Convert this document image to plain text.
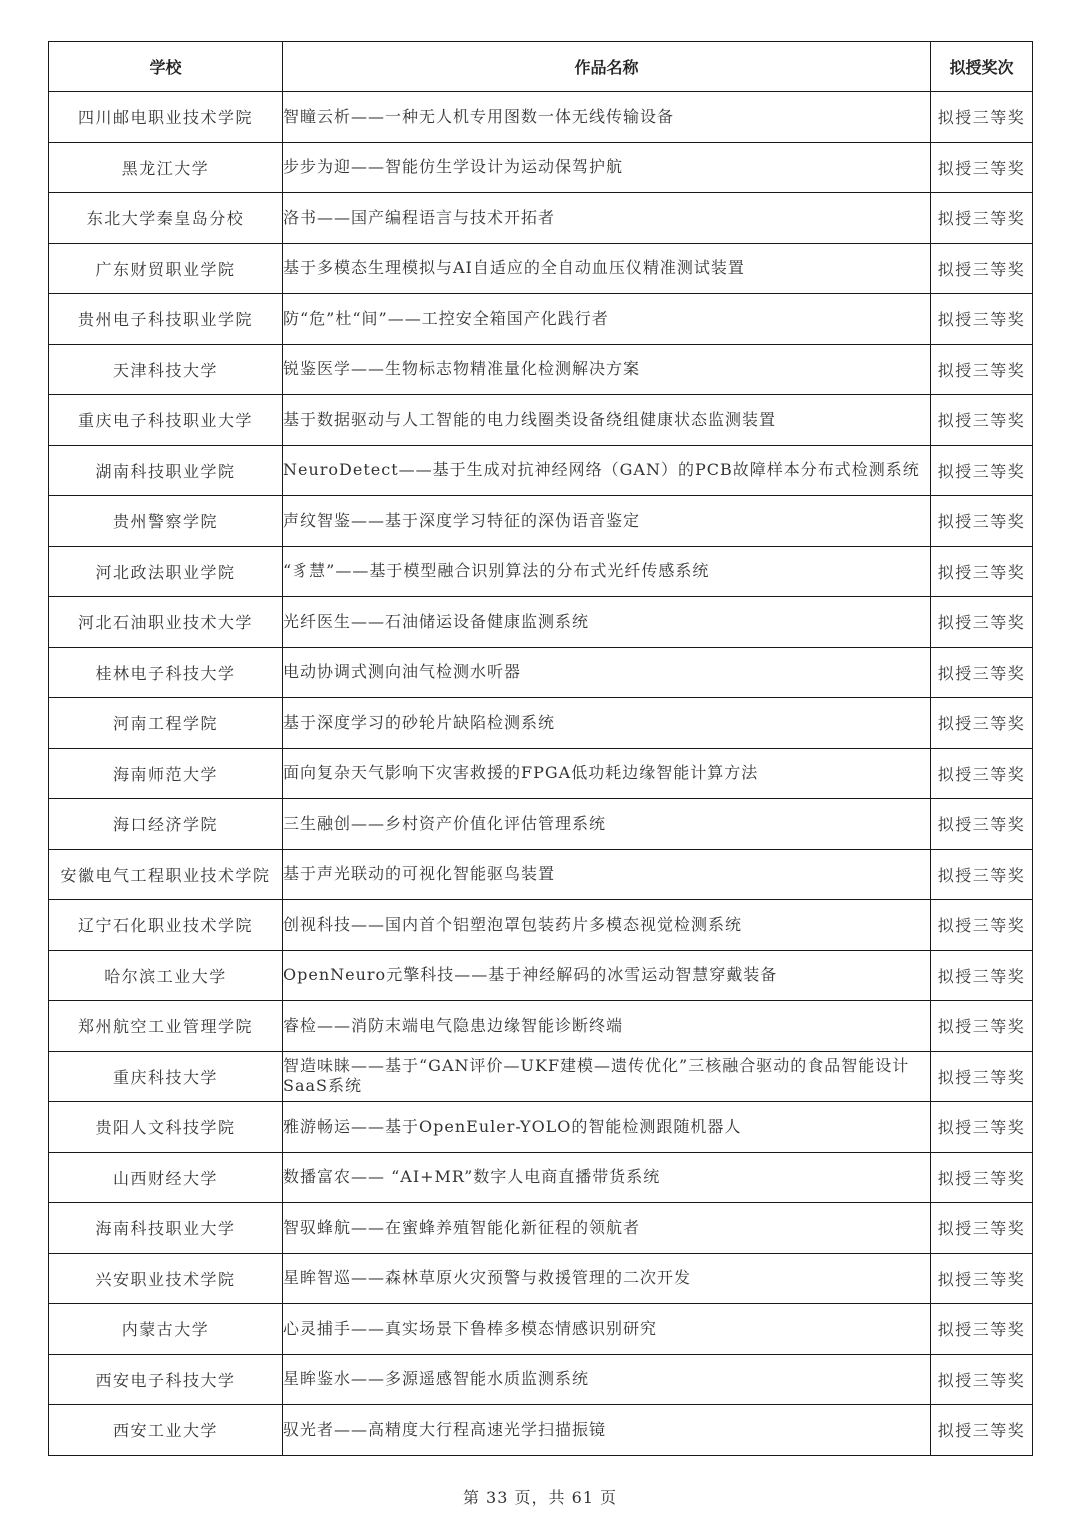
学校	作品名称	拟授奖次
四川邮电职业技术学院	智瞳云析——一种无人机专用图数一体无线传输设备	拟授三等奖
黑龙江大学	步步为迎——智能仿生学设计为运动保驾护航	拟授三等奖
东北大学秦皇岛分校	洛书——国产编程语言与技术开拓者	拟授三等奖
广东财贸职业学院	基于多模态生理模拟与AI自适应的全自动血压仪精准测试装置	拟授三等奖
贵州电子科技职业学院	防“危”杜“间”——工控安全箱国产化践行者	拟授三等奖
天津科技大学	锐鉴医学——生物标志物精准量化检测解决方案	拟授三等奖
重庆电子科技职业大学	基于数据驱动与人工智能的电力线圈类设备绕组健康状态监测装置	拟授三等奖
湖南科技职业学院	NeuroDetect——基于生成对抗神经网络（GAN）的PCB故障样本分布式检测系统	拟授三等奖
贵州警察学院	声纹智鉴——基于深度学习特征的深伪语音鉴定	拟授三等奖
河北政法职业学院	“豸慧”——基于模型融合识别算法的分布式光纤传感系统	拟授三等奖
河北石油职业技术大学	光纤医生——石油储运设备健康监测系统	拟授三等奖
桂林电子科技大学	电动协调式测向油气检测水听器	拟授三等奖
河南工程学院	基于深度学习的砂轮片缺陷检测系统	拟授三等奖
海南师范大学	面向复杂天气影响下灾害救援的FPGA低功耗边缘智能计算方法	拟授三等奖
海口经济学院	三生融创——乡村资产价值化评估管理系统	拟授三等奖
安徽电气工程职业技术学院	基于声光联动的可视化智能驱鸟装置	拟授三等奖
辽宁石化职业技术学院	创视科技——国内首个铝塑泡罩包装药片多模态视觉检测系统	拟授三等奖
哈尔滨工业大学	OpenNeuro元擎科技——基于神经解码的冰雪运动智慧穿戴装备	拟授三等奖
郑州航空工业管理学院	睿检——消防末端电气隐患边缘智能诊断终端	拟授三等奖
重庆科技大学	智造味睐——基于“GAN评价—UKF建模—遗传优化”三核融合驱动的食品智能设计SaaS系统	拟授三等奖
贵阳人文科技学院	雅游畅运——基于OpenEuler-YOLO的智能检测跟随机器人	拟授三等奖
山西财经大学	数播富农—— “AI+MR”数字人电商直播带货系统	拟授三等奖
海南科技职业大学	智驭蜂航——在蜜蜂养殖智能化新征程的领航者	拟授三等奖
兴安职业技术学院	星眸智巡——森林草原火灾预警与救援管理的二次开发	拟授三等奖
内蒙古大学	心灵捕手——真实场景下鲁棒多模态情感识别研究	拟授三等奖
西安电子科技大学	星眸鉴水——多源遥感智能水质监测系统	拟授三等奖
西安工业大学	驭光者——高精度大行程高速光学扫描振镜	拟授三等奖
第 33 页，共 61 页
